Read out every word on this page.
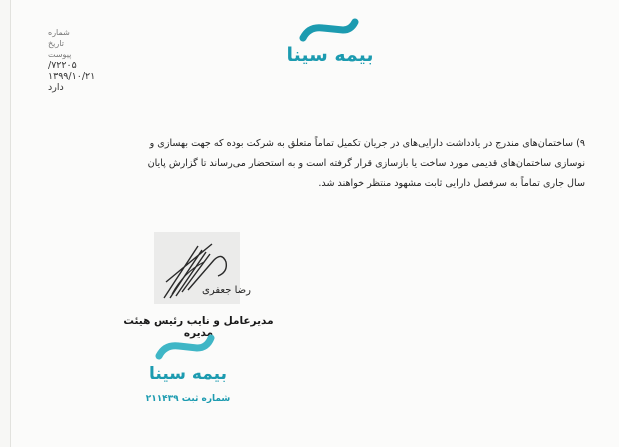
بیمه سینا
شماره
تاریخ
پیوست
۷۲۲۰۵/
۱۳۹۹/۱۰/۲۱
دارد
۹) ساختمان‌های مندرج در یادداشت دارایی‌های در جریان تکمیل تماماً متعلق به شرکت بوده که جهت بهسازی و نوسازی ساختمان‌های قدیمی مورد ساخت یا بازسازی قرار گرفته است و به استحضار می‌رساند تا گزارش پایان سال جاری تماماً به سرفصل دارایی ثابت مشهود منتظر خواهند شد.
رضا جعفری
مدیرعامل و نایب رئیس هیئت مدیره
بیمه سینا
شماره ثبت ۲۱۱۴۳۹
